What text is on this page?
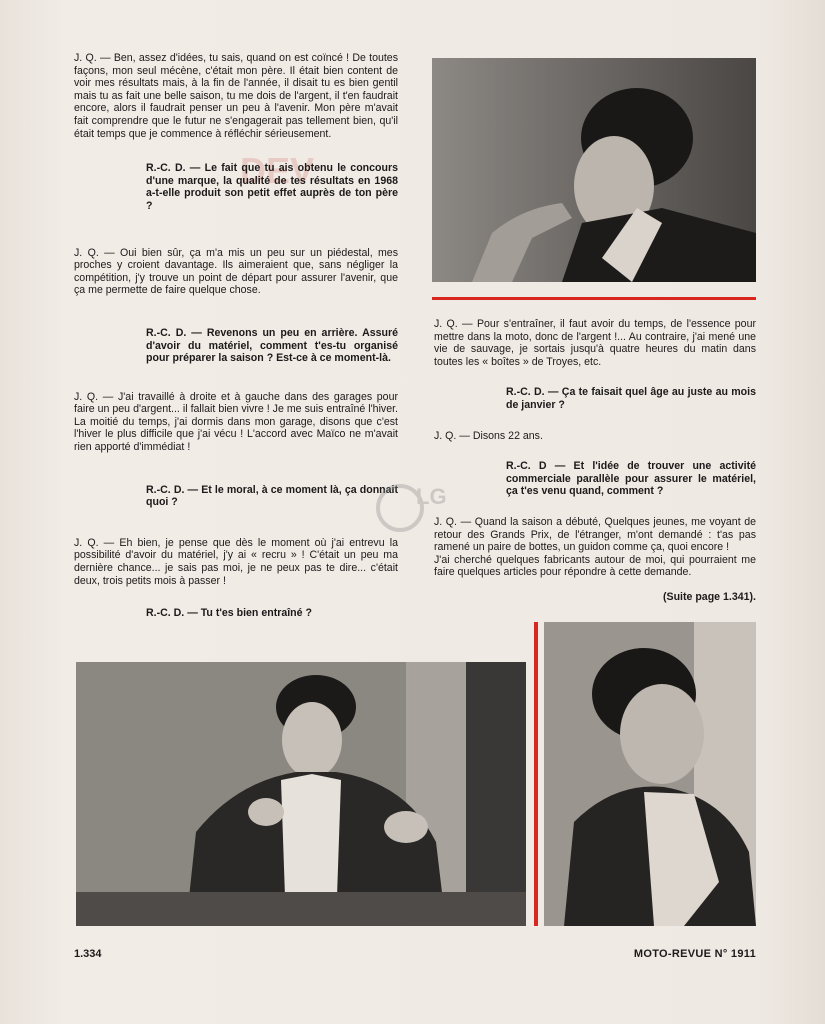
DEV

J. Q. — Ben, assez d'idées, tu sais, quand on est coïncé ! De toutes façons, mon seul mécène, c'était mon père. Il était bien content de voir mes résultats mais, à la fin de l'année, il disait tu es bien gentil mais tu as fait une belle saison, tu me dois de l'argent, il t'en faudrait encore, alors il faudrait penser un peu à l'avenir. Mon père m'avait fait comprendre que le futur ne s'engagerait pas tellement bien, qu'il était temps que je commence à réfléchir sérieusement.

R.-C. D. — Le fait que tu ais obtenu le concours d'une marque, la qualité de tes résultats en 1968 a-t-elle produit son petit effet auprès de ton père ?

J. Q. — Oui bien sûr, ça m'a mis un peu sur un piédestal, mes proches y croient davantage. Ils aimeraient que, sans négliger la compétition, j'y trouve un point de départ pour assurer l'avenir, que ça me permette de faire quelque chose.

R.-C. D. — Revenons un peu en arrière. Assuré d'avoir du matériel, comment t'es-tu organisé pour préparer la saison ? Est-ce à ce moment-là.

J. Q. — J'ai travaillé à droite et à gauche dans des garages pour faire un peu d'argent... il fallait bien vivre ! Je me suis entraîné l'hiver. La moitié du temps, j'ai dormis dans mon garage, disons que c'est l'hiver le plus difficile que j'ai vécu ! L'accord avec Maïco ne m'avait rien apporté d'immédiat !

R.-C. D. — Et le moral, à ce moment là, ça donnait quoi ?

J. Q. — Eh bien, je pense que dès le moment où j'ai entrevu la possibilité d'avoir du matériel, j'y ai « recru » ! C'était un peu ma dernière chance... je sais pas moi, je ne peux pas te dire... c'était deux, trois petits mois à passer !

R.-C. D. — Tu t'es bien entraîné ?

LG

J. Q. — Pour s'entraîner, il faut avoir du temps, de l'essence pour mettre dans la moto, donc de l'argent !... Au contraire, j'ai mené une vie de sauvage, je sortais jusqu'à quatre heures du matin dans toutes les « boîtes » de Troyes, etc.

R.-C. D. — Ça te faisait quel âge au juste au mois de janvier ?

J. Q. — Disons 22 ans.

R.-C. D — Et l'idée de trouver une activité commerciale parallèle pour assurer le matériel, ça t'es venu quand, comment ?

J. Q. — Quand la saison a débuté, Quelques jeunes, me voyant de retour des Grands Prix, de l'étranger, m'ont demandé : t'as pas ramené un paire de bottes, un guidon comme ça, quoi encore !

J'ai cherché quelques fabricants autour de moi, qui pourraient me faire quelques articles pour répondre à cette demande.

(Suite page 1.341).

1.334	MOTO-REVUE N° 1911
